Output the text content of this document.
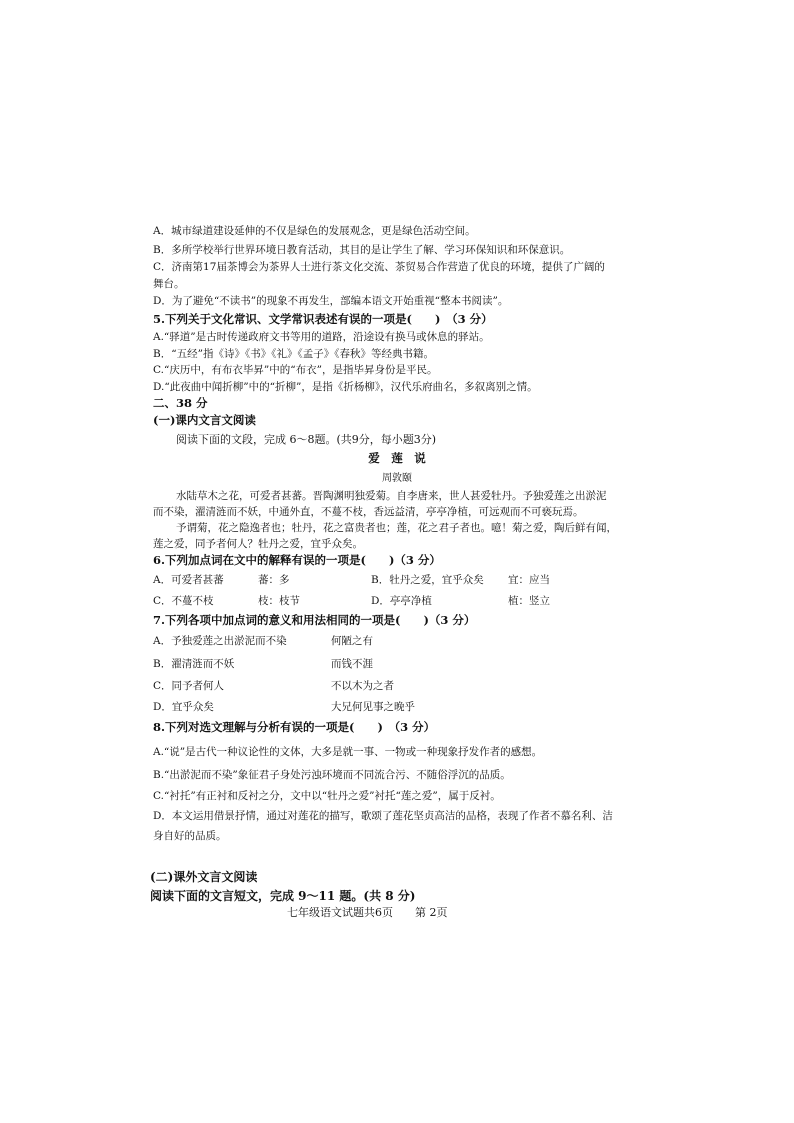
A．城市绿道建设延伸的不仅是绿色的发展观念，更是绿色活动空间。
B．多所学校举行世界环境日教育活动，其目的是让学生了解、学习环保知识和环保意识。
C．济南第17届茶博会为茶界人士进行茶文化交流、茶贸易合作营造了优良的环境，提供了广阔的
舞台。
D．为了避免“不读书”的现象不再发生，部编本语文开始重视“整本书阅读”。
5.下列关于文化常识、文学常识表述有误的一项是(　　)　（3 分）
A.“驿道”是古时传递政府文书等用的道路，沿途设有换马或休息的驿站。
B．“五经”指《诗》《书》《礼》《孟子》《春秋》等经典书籍。
C.“庆历中，有布衣毕昇”中的“布衣”，是指毕昇身份是平民。
D.“此夜曲中闻折柳”中的“折柳”，是指《折杨柳》，汉代乐府曲名，多叙离别之情。
二、38 分
(一)课内文言文阅读
阅读下面的文段，完成 6～8题。(共9分，每小题3分)
爱　莲　说
周敦颐
水陆草木之花，可爱者甚蕃。晋陶渊明独爱菊。自李唐来，世人甚爱牡丹。予独爱莲之出淤泥
而不染，濯清涟而不妖，中通外直，不蔓不枝，香远益清，亭亭净植，可远观而不可亵玩焉。
予谓菊，花之隐逸者也；牡丹，花之富贵者也；莲，花之君子者也。噫！菊之爱，陶后鲜有闻，
莲之爱，同予者何人？牡丹之爱，宜乎众矣。
6.下列加点词在文中的解释有误的一项是(　　)（3 分）
A．可爱者甚蕃	蕃：多	B．牡丹之爱，宜乎众矣 宜：应当
C．不蔓不枝	枝：枝节	D．亭亭净植	植：竖立
7.下列各项中加点词的意义和用法相同的一项是(　　)（3 分）
A．予独爱莲之出淤泥而不染	何陋之有
B．濯清涟而不妖	而钱不涯
C．同予者何人	不以木为之者
D．宜乎众矣	大兄何见事之晚乎
8.下列对选文理解与分析有误的一项是(　　)　（3 分）
A.“说”是古代一种议论性的文体，大多是就一事、一物或一种现象抒发作者的感想。
B.“出淤泥而不染”象征君子身处污浊环境而不同流合污、不随俗浮沉的品质。
C.“衬托”有正衬和反衬之分，文中以“牡丹之爱”衬托“莲之爱”，属于反衬。
D．本文运用借景抒情，通过对莲花的描写，歌颂了莲花坚贞高洁的品格，表现了作者不慕名利、洁
身自好的品质。
(二)课外文言文阅读
阅读下面的文言短文，完成 9～11 题。(共 8 分)
七年级语文试题共6页　　第 2页
